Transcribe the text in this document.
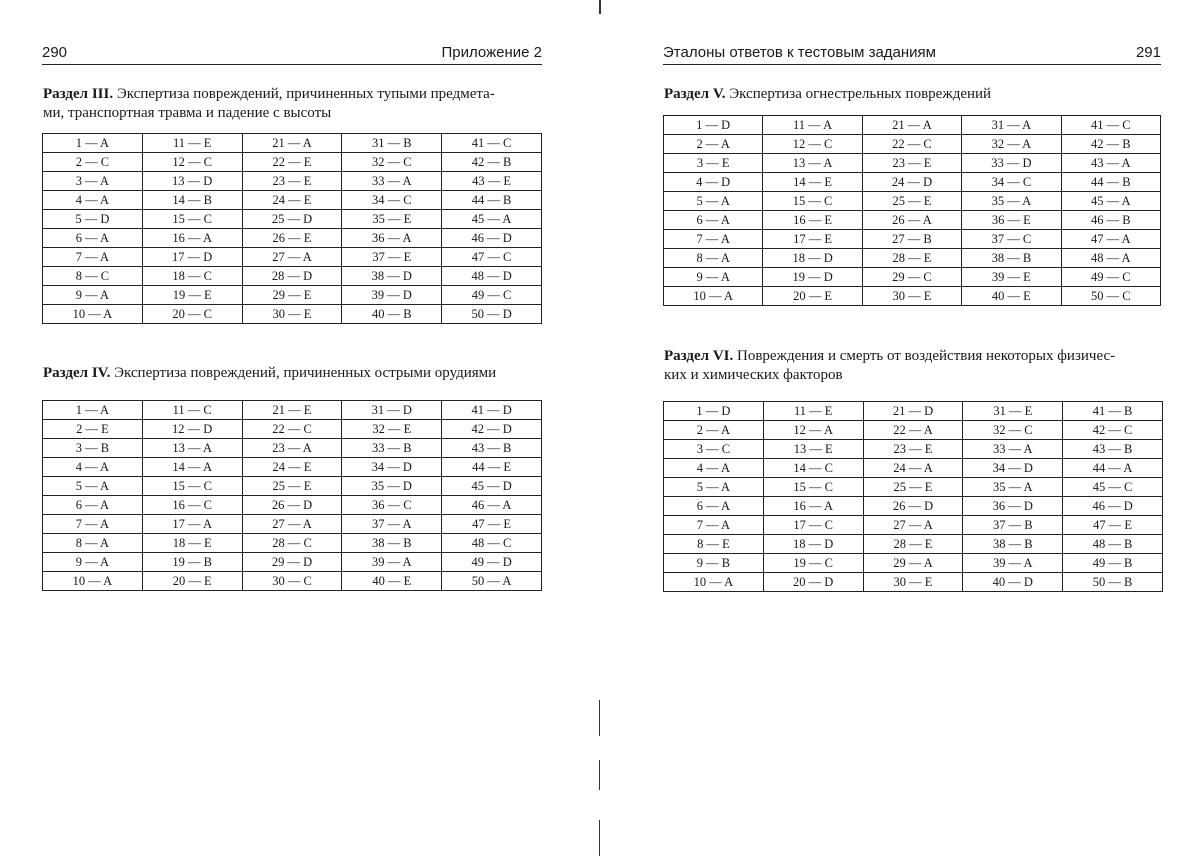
290	Приложение 2
Раздел III. Экспертиза повреждений, причиненных тупыми предмета-
ми, транспортная травма и падение с высоты
1 — A	11 — E	21 — A	31 — B	41 — C
2 — C	12 — C	22 — E	32 — C	42 — B
3 — A	13 — D	23 — E	33 — A	43 — E
4 — A	14 — B	24 — E	34 — C	44 — B
5 — D	15 — C	25 — D	35 — E	45 — A
6 — A	16 — A	26 — E	36 — A	46 — D
7 — A	17 — D	27 — A	37 — E	47 — C
8 — C	18 — C	28 — D	38 — D	48 — D
9 — A	19 — E	29 — E	39 — D	49 — C
10 — A	20 — C	30 — E	40 — B	50 — D
Раздел IV. Экспертиза повреждений, причиненных острыми орудиями
1 — A	11 — C	21 — E	31 — D	41 — D
2 — E	12 — D	22 — C	32 — E	42 — D
3 — B	13 — A	23 — A	33 — B	43 — B
4 — A	14 — A	24 — E	34 — D	44 — E
5 — A	15 — C	25 — E	35 — D	45 — D
6 — A	16 — C	26 — D	36 — C	46 — A
7 — A	17 — A	27 — A	37 — A	47 — E
8 — A	18 — E	28 — C	38 — B	48 — C
9 — A	19 — B	29 — D	39 — A	49 — D
10 — A	20 — E	30 — C	40 — E	50 — A
Эталоны ответов к тестовым заданиям	291
Раздел V. Экспертиза огнестрельных повреждений
1 — D	11 — A	21 — A	31 — A	41 — C
2 — A	12 — C	22 — C	32 — A	42 — B
3 — E	13 — A	23 — E	33 — D	43 — A
4 — D	14 — E	24 — D	34 — C	44 — B
5 — A	15 — C	25 — E	35 — A	45 — A
6 — A	16 — E	26 — A	36 — E	46 — B
7 — A	17 — E	27 — B	37 — C	47 — A
8 — A	18 — D	28 — E	38 — B	48 — A
9 — A	19 — D	29 — C	39 — E	49 — C
10 — A	20 — E	30 — E	40 — E	50 — C
Раздел VI. Повреждения и смерть от воздействия некоторых физичес-
ких и химических факторов
1 — D	11 — E	21 — D	31 — E	41 — B
2 — A	12 — A	22 — A	32 — C	42 — C
3 — C	13 — E	23 — E	33 — A	43 — B
4 — A	14 — C	24 — A	34 — D	44 — A
5 — A	15 — C	25 — E	35 — A	45 — C
6 — A	16 — A	26 — D	36 — D	46 — D
7 — A	17 — C	27 — A	37 — B	47 — E
8 — E	18 — D	28 — E	38 — B	48 — B
9 — B	19 — C	29 — A	39 — A	49 — B
10 — A	20 — D	30 — E	40 — D	50 — B
